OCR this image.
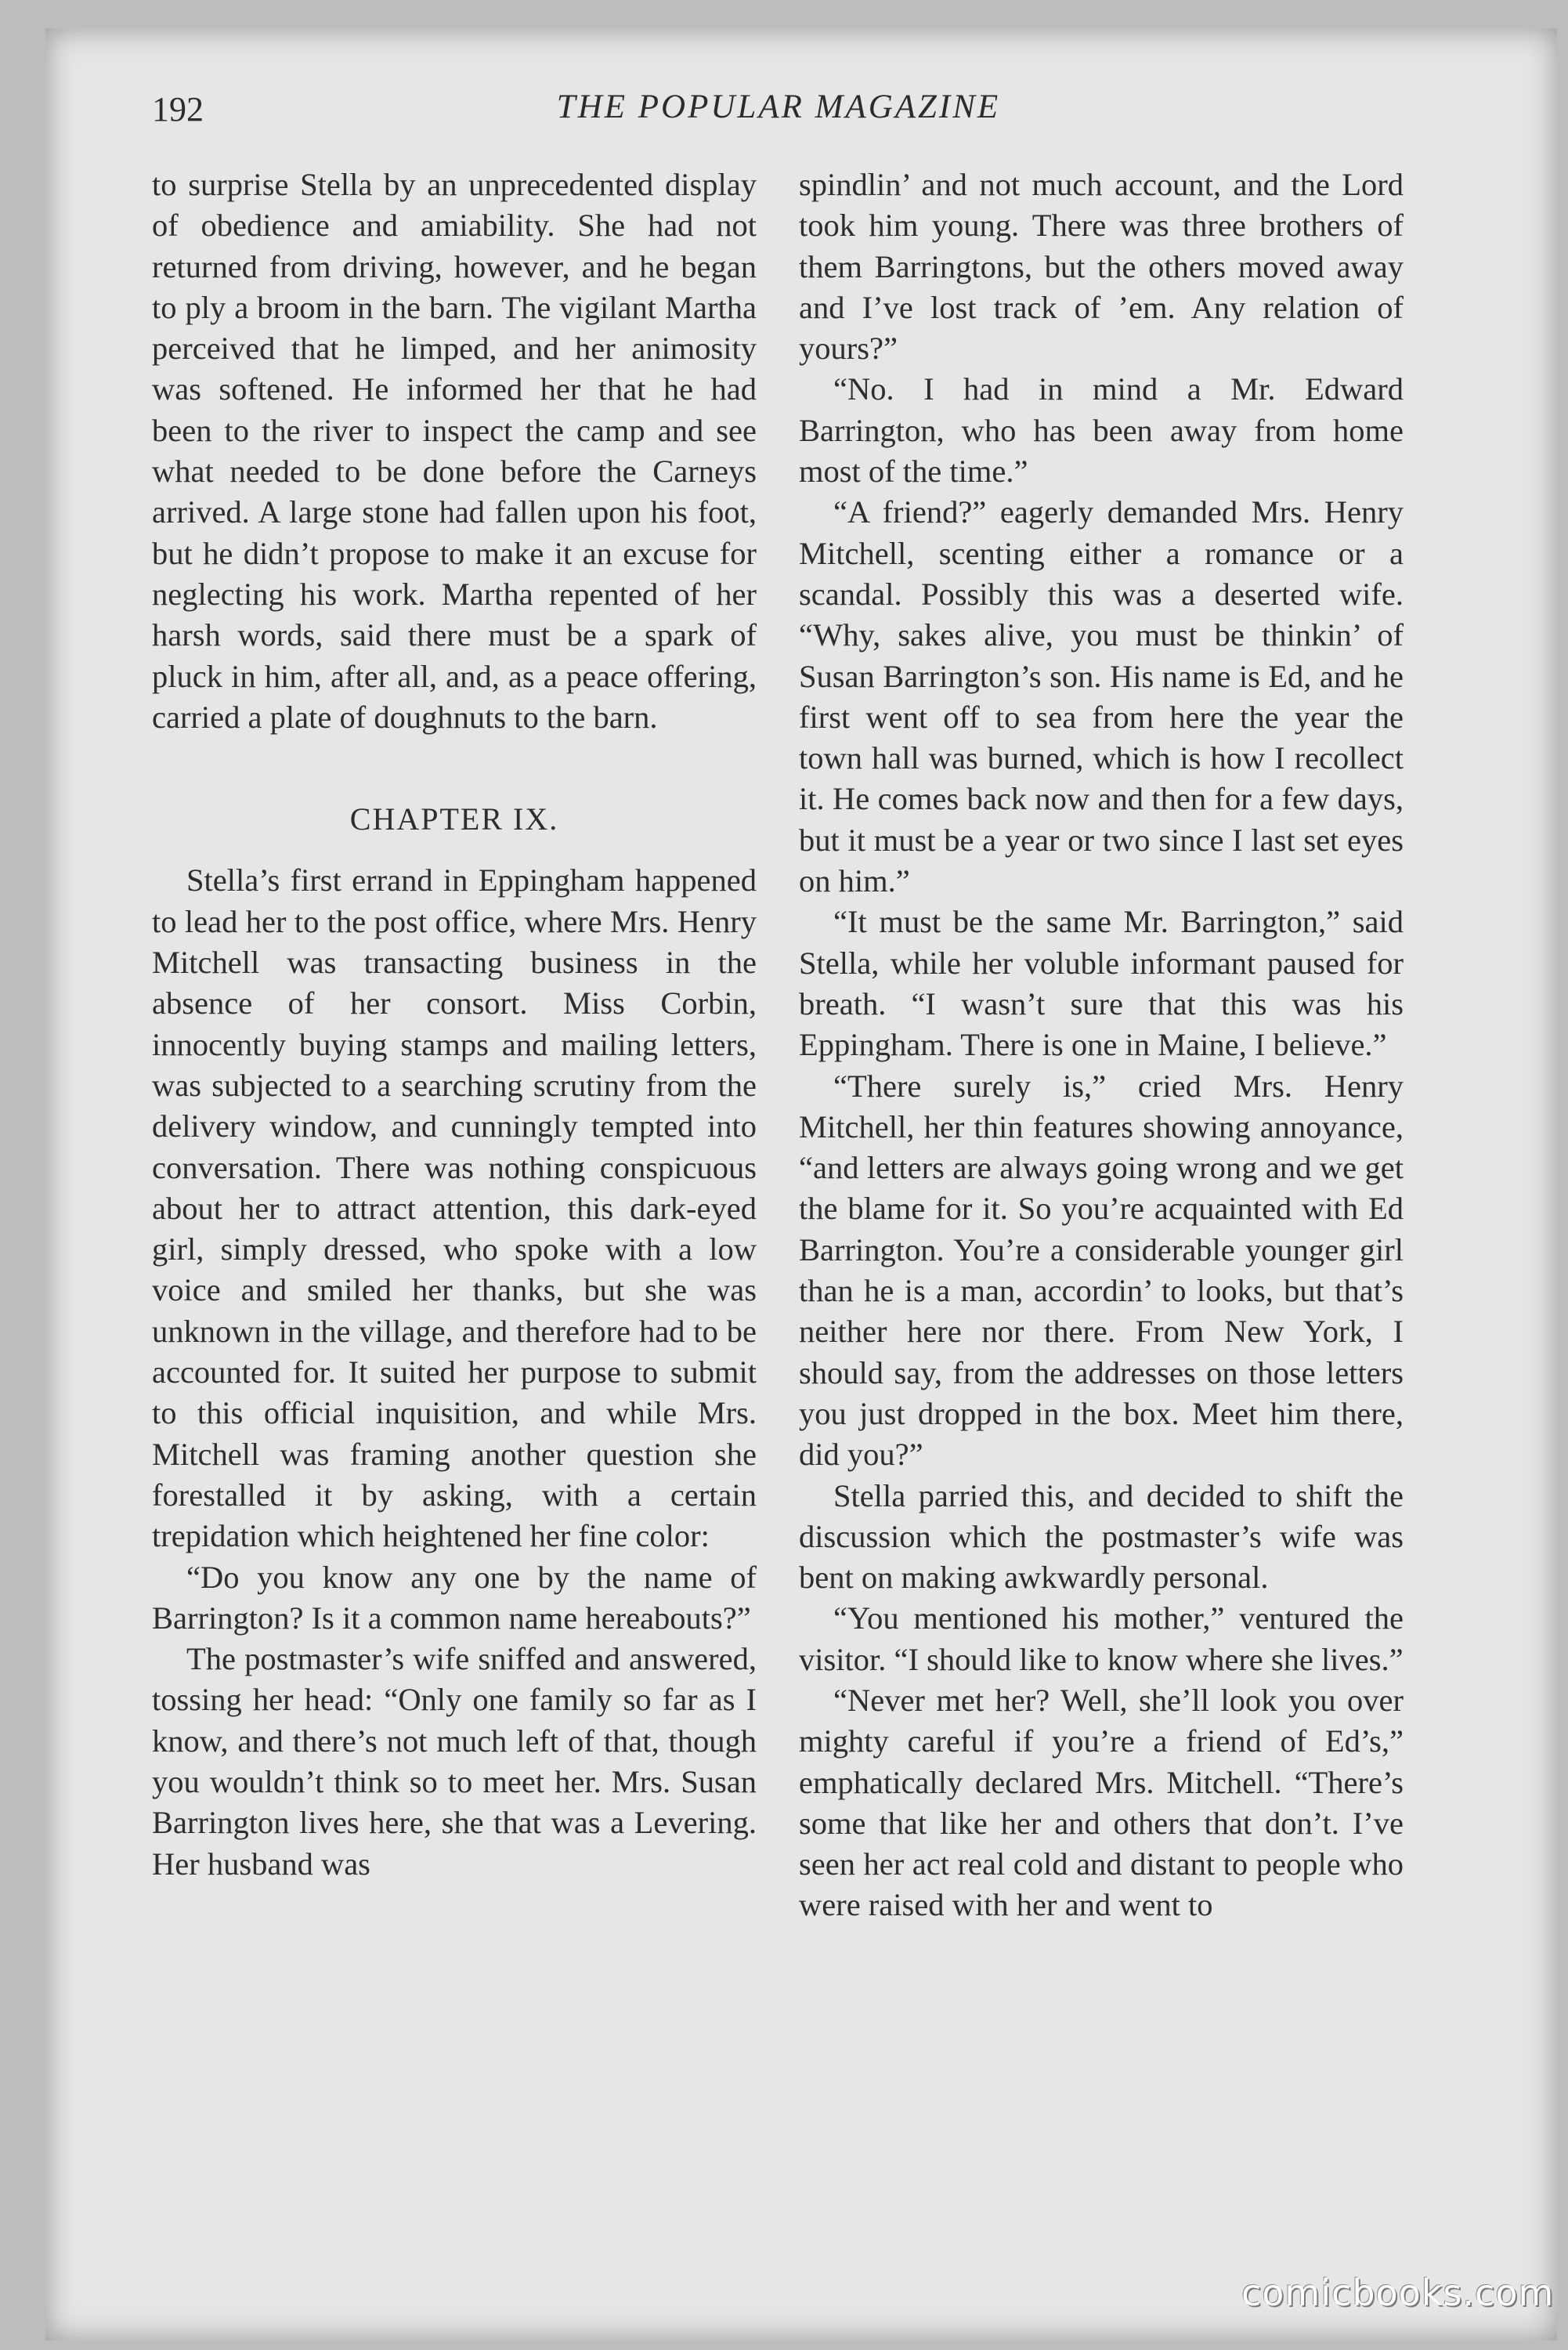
192	THE POPULAR MAGAZINE

to surprise Stella by an unprecedented display of obedience and amiability. She had not returned from driving, however, and he began to ply a broom in the barn. The vigilant Martha perceived that he limped, and her animosity was softened. He informed her that he had been to the river to inspect the camp and see what needed to be done before the Carneys arrived. A large stone had fallen upon his foot, but he didn’t propose to make it an excuse for neglecting his work. Martha repented of her harsh words, said there must be a spark of pluck in him, after all, and, as a peace offering, carried a plate of doughnuts to the barn.

CHAPTER IX.

Stella’s first errand in Eppingham happened to lead her to the post office, where Mrs. Henry Mitchell was transacting business in the absence of her consort. Miss Corbin, innocently buying stamps and mailing letters, was subjected to a searching scrutiny from the delivery window, and cunningly tempted into conversation. There was nothing conspicuous about her to attract attention, this dark-eyed girl, simply dressed, who spoke with a low voice and smiled her thanks, but she was unknown in the village, and therefore had to be accounted for. It suited her purpose to submit to this official inquisition, and while Mrs. Mitchell was framing another question she forestalled it by asking, with a certain trepidation which heightened her fine color:

“Do you know any one by the name of Barrington? Is it a common name hereabouts?”

The postmaster’s wife sniffed and answered, tossing her head: “Only one family so far as I know, and there’s not much left of that, though you wouldn’t think so to meet her. Mrs. Susan Barrington lives here, she that was a Levering. Her husband was

spindlin’ and not much account, and the Lord took him young. There was three brothers of them Barringtons, but the others moved away and I’ve lost track of ’em. Any relation of yours?”

“No. I had in mind a Mr. Edward Barrington, who has been away from home most of the time.”

“A friend?” eagerly demanded Mrs. Henry Mitchell, scenting either a romance or a scandal. Possibly this was a deserted wife. “Why, sakes alive, you must be thinkin’ of Susan Barrington’s son. His name is Ed, and he first went off to sea from here the year the town hall was burned, which is how I recollect it. He comes back now and then for a few days, but it must be a year or two since I last set eyes on him.”

“It must be the same Mr. Barrington,” said Stella, while her voluble informant paused for breath. “I wasn’t sure that this was his Eppingham. There is one in Maine, I believe.”

“There surely is,” cried Mrs. Henry Mitchell, her thin features showing annoyance, “and letters are always going wrong and we get the blame for it. So you’re acquainted with Ed Barrington. You’re a considerable younger girl than he is a man, accordin’ to looks, but that’s neither here nor there. From New York, I should say, from the addresses on those letters you just dropped in the box. Meet him there, did you?”

Stella parried this, and decided to shift the discussion which the postmaster’s wife was bent on making awkwardly personal.

“You mentioned his mother,” ventured the visitor. “I should like to know where she lives.”

“Never met her? Well, she’ll look you over mighty careful if you’re a friend of Ed’s,” emphatically declared Mrs. Mitchell. “There’s some that like her and others that don’t. I’ve seen her act real cold and distant to people who were raised with her and went to

comicbooks.com
